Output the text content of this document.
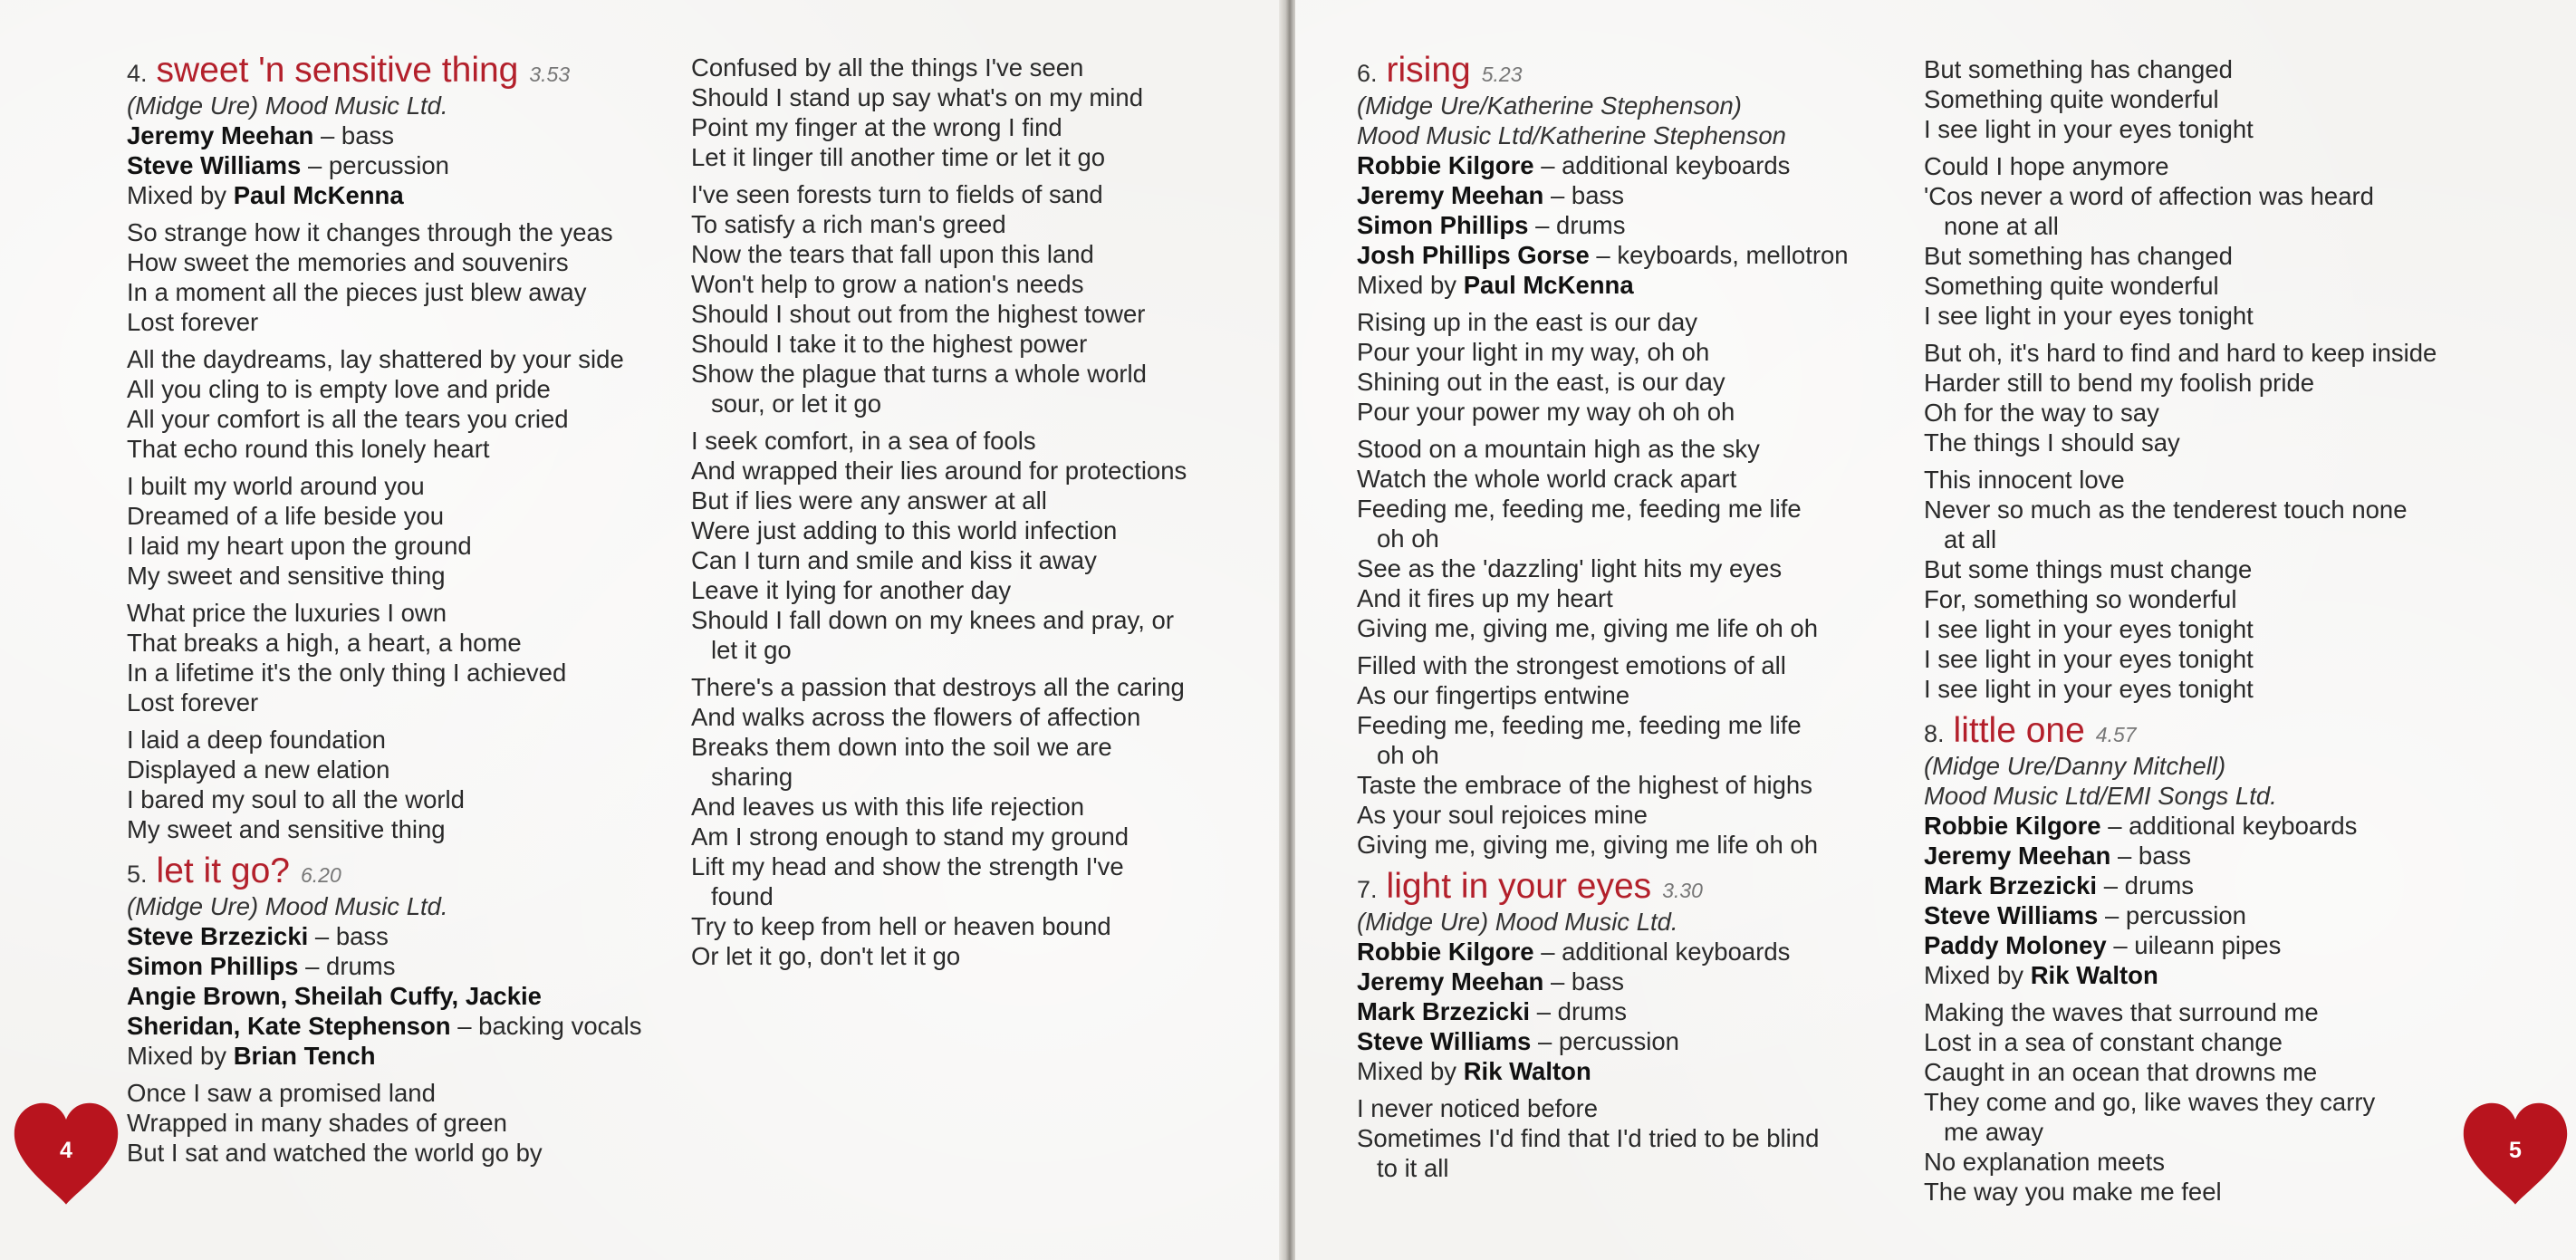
4. sweet 'n sensitive thing 3.53
(Midge Ure) Mood Music Ltd.
Jeremy Meehan – bass
Steve Williams – percussion
Mixed by Paul McKenna
So strange how it changes through the yeas
How sweet the memories and souvenirs
In a moment all the pieces just blew away
Lost forever
All the daydreams, lay shattered by your side
All you cling to is empty love and pride
All your comfort is all the tears you cried
That echo round this lonely heart
I built my world around you
Dreamed of a life beside you
I laid my heart upon the ground
My sweet and sensitive thing
What price the luxuries I own
That breaks a high, a heart, a home
In a lifetime it's the only thing I achieved
Lost forever
I laid a deep foundation
Displayed a new elation
I bared my soul to all the world
My sweet and sensitive thing
5. let it go? 6.20
(Midge Ure) Mood Music Ltd.
Steve Brzezicki – bass
Simon Phillips – drums
Angie Brown, Sheilah Cuffy, Jackie
Sheridan, Kate Stephenson – backing vocals
Mixed by Brian Tench
Once I saw a promised land
Wrapped in many shades of green
But I sat and watched the world go by
Confused by all the things I've seen
Should I stand up say what's on my mind
Point my finger at the wrong I find
Let it linger till another time or let it go
I've seen forests turn to fields of sand
To satisfy a rich man's greed
Now the tears that fall upon this land
Won't help to grow a nation's needs
Should I shout out from the highest tower
Should I take it to the highest power
Show the plague that turns a whole world
sour, or let it go
I seek comfort, in a sea of fools
And wrapped their lies around for protections
But if lies were any answer at all
Were just adding to this world infection
Can I turn and smile and kiss it away
Leave it lying for another day
Should I fall down on my knees and pray, or
let it go
There's a passion that destroys all the caring
And walks across the flowers of affection
Breaks them down into the soil we are
sharing
And leaves us with this life rejection
Am I strong enough to stand my ground
Lift my head and show the strength I've
found
Try to keep from hell or heaven bound
Or let it go, don't let it go
4
6. rising 5.23
(Midge Ure/Katherine Stephenson)
Mood Music Ltd/Katherine Stephenson
Robbie Kilgore – additional keyboards
Jeremy Meehan – bass
Simon Phillips – drums
Josh Phillips Gorse – keyboards, mellotron
Mixed by Paul McKenna
Rising up in the east is our day
Pour your light in my way, oh oh
Shining out in the east, is our day
Pour your power my way oh oh oh
Stood on a mountain high as the sky
Watch the whole world crack apart
Feeding me, feeding me, feeding me life
oh oh
See as the 'dazzling' light hits my eyes
And it fires up my heart
Giving me, giving me, giving me life oh oh
Filled with the strongest emotions of all
As our fingertips entwine
Feeding me, feeding me, feeding me life
oh oh
Taste the embrace of the highest of highs
As your soul rejoices mine
Giving me, giving me, giving me life oh oh
7. light in your eyes 3.30
(Midge Ure) Mood Music Ltd.
Robbie Kilgore – additional keyboards
Jeremy Meehan – bass
Mark Brzezicki – drums
Steve Williams – percussion
Mixed by Rik Walton
I never noticed before
Sometimes I'd find that I'd tried to be blind
to it all
But something has changed
Something quite wonderful
I see light in your eyes tonight
Could I hope anymore
'Cos never a word of affection was heard
none at all
But something has changed
Something quite wonderful
I see light in your eyes tonight
But oh, it's hard to find and hard to keep inside
Harder still to bend my foolish pride
Oh for the way to say
The things I should say
This innocent love
Never so much as the tenderest touch none
at all
But some things must change
For, something so wonderful
I see light in your eyes tonight
I see light in your eyes tonight
I see light in your eyes tonight
8. little one 4.57
(Midge Ure/Danny Mitchell)
Mood Music Ltd/EMI Songs Ltd.
Robbie Kilgore – additional keyboards
Jeremy Meehan – bass
Mark Brzezicki – drums
Steve Williams – percussion
Paddy Moloney – uileann pipes
Mixed by Rik Walton
Making the waves that surround me
Lost in a sea of constant change
Caught in an ocean that drowns me
They come and go, like waves they carry
me away
No explanation meets
The way you make me feel
5
